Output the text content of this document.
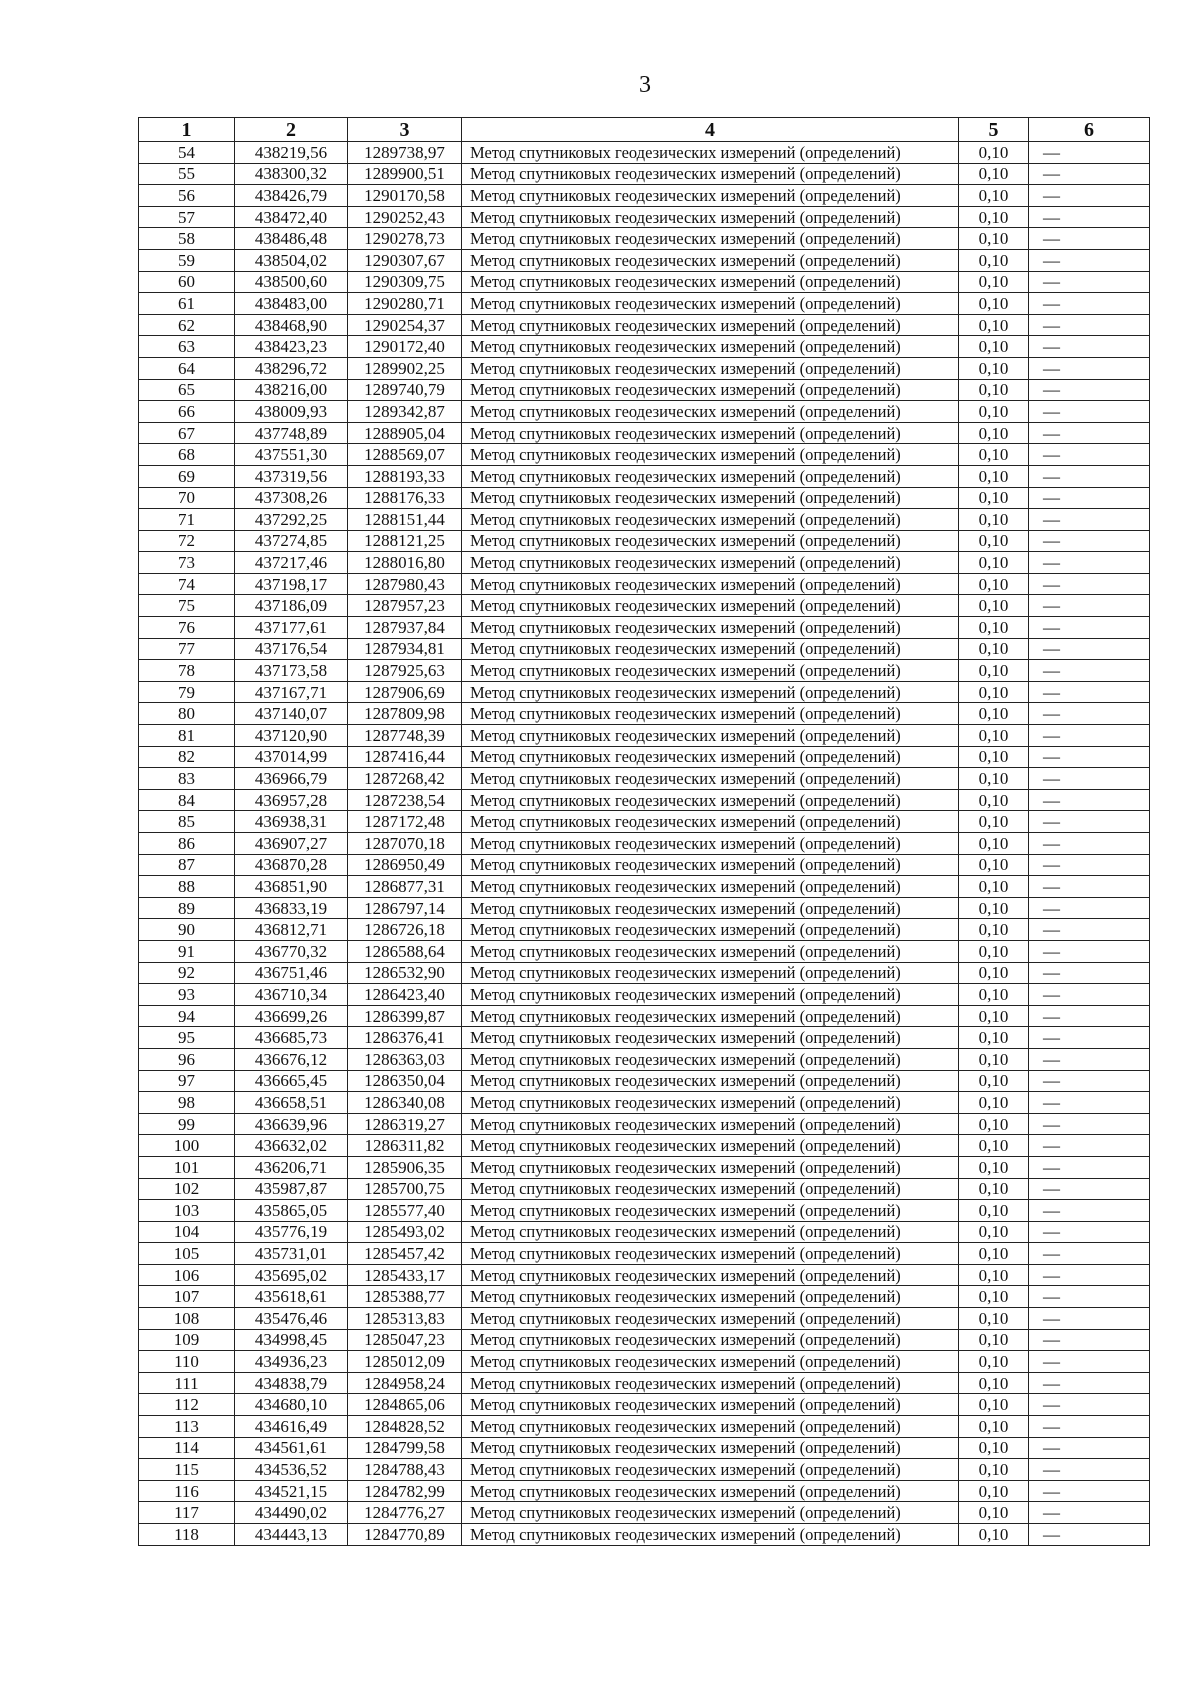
3
1	2	3	4	5	6
54	438219,56	1289738,97	Метод спутниковых геодезических измерений (определений)	0,10	—
55	438300,32	1289900,51	Метод спутниковых геодезических измерений (определений)	0,10	—
56	438426,79	1290170,58	Метод спутниковых геодезических измерений (определений)	0,10	—
57	438472,40	1290252,43	Метод спутниковых геодезических измерений (определений)	0,10	—
58	438486,48	1290278,73	Метод спутниковых геодезических измерений (определений)	0,10	—
59	438504,02	1290307,67	Метод спутниковых геодезических измерений (определений)	0,10	—
60	438500,60	1290309,75	Метод спутниковых геодезических измерений (определений)	0,10	—
61	438483,00	1290280,71	Метод спутниковых геодезических измерений (определений)	0,10	—
62	438468,90	1290254,37	Метод спутниковых геодезических измерений (определений)	0,10	—
63	438423,23	1290172,40	Метод спутниковых геодезических измерений (определений)	0,10	—
64	438296,72	1289902,25	Метод спутниковых геодезических измерений (определений)	0,10	—
65	438216,00	1289740,79	Метод спутниковых геодезических измерений (определений)	0,10	—
66	438009,93	1289342,87	Метод спутниковых геодезических измерений (определений)	0,10	—
67	437748,89	1288905,04	Метод спутниковых геодезических измерений (определений)	0,10	—
68	437551,30	1288569,07	Метод спутниковых геодезических измерений (определений)	0,10	—
69	437319,56	1288193,33	Метод спутниковых геодезических измерений (определений)	0,10	—
70	437308,26	1288176,33	Метод спутниковых геодезических измерений (определений)	0,10	—
71	437292,25	1288151,44	Метод спутниковых геодезических измерений (определений)	0,10	—
72	437274,85	1288121,25	Метод спутниковых геодезических измерений (определений)	0,10	—
73	437217,46	1288016,80	Метод спутниковых геодезических измерений (определений)	0,10	—
74	437198,17	1287980,43	Метод спутниковых геодезических измерений (определений)	0,10	—
75	437186,09	1287957,23	Метод спутниковых геодезических измерений (определений)	0,10	—
76	437177,61	1287937,84	Метод спутниковых геодезических измерений (определений)	0,10	—
77	437176,54	1287934,81	Метод спутниковых геодезических измерений (определений)	0,10	—
78	437173,58	1287925,63	Метод спутниковых геодезических измерений (определений)	0,10	—
79	437167,71	1287906,69	Метод спутниковых геодезических измерений (определений)	0,10	—
80	437140,07	1287809,98	Метод спутниковых геодезических измерений (определений)	0,10	—
81	437120,90	1287748,39	Метод спутниковых геодезических измерений (определений)	0,10	—
82	437014,99	1287416,44	Метод спутниковых геодезических измерений (определений)	0,10	—
83	436966,79	1287268,42	Метод спутниковых геодезических измерений (определений)	0,10	—
84	436957,28	1287238,54	Метод спутниковых геодезических измерений (определений)	0,10	—
85	436938,31	1287172,48	Метод спутниковых геодезических измерений (определений)	0,10	—
86	436907,27	1287070,18	Метод спутниковых геодезических измерений (определений)	0,10	—
87	436870,28	1286950,49	Метод спутниковых геодезических измерений (определений)	0,10	—
88	436851,90	1286877,31	Метод спутниковых геодезических измерений (определений)	0,10	—
89	436833,19	1286797,14	Метод спутниковых геодезических измерений (определений)	0,10	—
90	436812,71	1286726,18	Метод спутниковых геодезических измерений (определений)	0,10	—
91	436770,32	1286588,64	Метод спутниковых геодезических измерений (определений)	0,10	—
92	436751,46	1286532,90	Метод спутниковых геодезических измерений (определений)	0,10	—
93	436710,34	1286423,40	Метод спутниковых геодезических измерений (определений)	0,10	—
94	436699,26	1286399,87	Метод спутниковых геодезических измерений (определений)	0,10	—
95	436685,73	1286376,41	Метод спутниковых геодезических измерений (определений)	0,10	—
96	436676,12	1286363,03	Метод спутниковых геодезических измерений (определений)	0,10	—
97	436665,45	1286350,04	Метод спутниковых геодезических измерений (определений)	0,10	—
98	436658,51	1286340,08	Метод спутниковых геодезических измерений (определений)	0,10	—
99	436639,96	1286319,27	Метод спутниковых геодезических измерений (определений)	0,10	—
100	436632,02	1286311,82	Метод спутниковых геодезических измерений (определений)	0,10	—
101	436206,71	1285906,35	Метод спутниковых геодезических измерений (определений)	0,10	—
102	435987,87	1285700,75	Метод спутниковых геодезических измерений (определений)	0,10	—
103	435865,05	1285577,40	Метод спутниковых геодезических измерений (определений)	0,10	—
104	435776,19	1285493,02	Метод спутниковых геодезических измерений (определений)	0,10	—
105	435731,01	1285457,42	Метод спутниковых геодезических измерений (определений)	0,10	—
106	435695,02	1285433,17	Метод спутниковых геодезических измерений (определений)	0,10	—
107	435618,61	1285388,77	Метод спутниковых геодезических измерений (определений)	0,10	—
108	435476,46	1285313,83	Метод спутниковых геодезических измерений (определений)	0,10	—
109	434998,45	1285047,23	Метод спутниковых геодезических измерений (определений)	0,10	—
110	434936,23	1285012,09	Метод спутниковых геодезических измерений (определений)	0,10	—
111	434838,79	1284958,24	Метод спутниковых геодезических измерений (определений)	0,10	—
112	434680,10	1284865,06	Метод спутниковых геодезических измерений (определений)	0,10	—
113	434616,49	1284828,52	Метод спутниковых геодезических измерений (определений)	0,10	—
114	434561,61	1284799,58	Метод спутниковых геодезических измерений (определений)	0,10	—
115	434536,52	1284788,43	Метод спутниковых геодезических измерений (определений)	0,10	—
116	434521,15	1284782,99	Метод спутниковых геодезических измерений (определений)	0,10	—
117	434490,02	1284776,27	Метод спутниковых геодезических измерений (определений)	0,10	—
118	434443,13	1284770,89	Метод спутниковых геодезических измерений (определений)	0,10	—
